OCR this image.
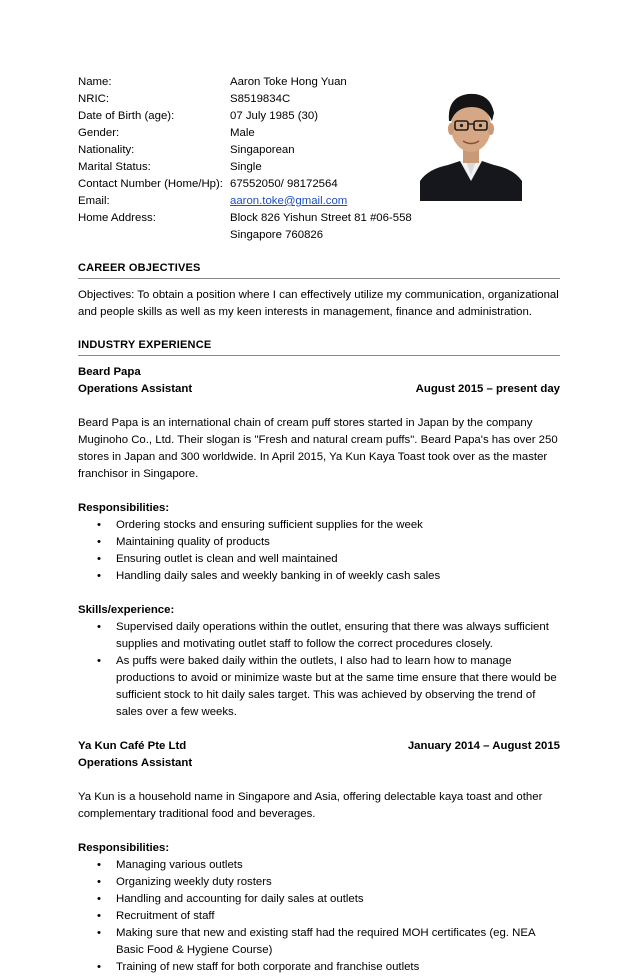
Name:	Aaron Toke Hong Yuan
NRIC:	S8519834C
Date of Birth (age):	07 July 1985 (30)
Gender:	Male
Nationality:	Singaporean
Marital Status:	Single
Contact Number (Home/Hp):	67552050/ 98172564
Email:	aaron.toke@gmail.com
Home Address:	Block 826 Yishun Street 81 #06-558
	Singapore 760826
CAREER OBJECTIVES

Objectives: To obtain a position where I can effectively utilize my communication, organizational and people skills as well as my keen interests in management, finance and administration.

INDUSTRY EXPERIENCE
Beard Papa
Operations Assistant	August 2015 – present day

Beard Papa is an international chain of cream puff stores started in Japan by the company Muginoho Co., Ltd. Their slogan is "Fresh and natural cream puffs". Beard Papa's has over 250 stores in Japan and 300 worldwide. In April 2015, Ya Kun Kaya Toast took over as the master franchisor in Singapore.

Responsibilities:
• Ordering stocks and ensuring sufficient supplies for the week
• Maintaining quality of products
• Ensuring outlet is clean and well maintained
• Handling daily sales and weekly banking in of weekly cash sales
Skills/experience:
• Supervised daily operations within the outlet, ensuring that there was always sufficient supplies and motivating outlet staff to follow the correct procedures closely.
• As puffs were baked daily within the outlets, I also had to learn how to manage productions to avoid or minimize waste but at the same time ensure that there would be sufficient stock to hit daily sales target. This was achieved by observing the trend of sales over a few weeks.
Ya Kun Café Pte Ltd	January 2014 – August 2015
Operations Assistant

Ya Kun is a household name in Singapore and Asia, offering delectable kaya toast and other complementary traditional food and beverages.

Responsibilities:
• Managing various outlets
• Organizing weekly duty rosters
• Handling and accounting for daily sales at outlets
• Recruitment of staff
• Making sure that new and existing staff had the required MOH certificates (eg. NEA Basic Food & Hygiene Course)
• Training of new staff for both corporate and franchise outlets
